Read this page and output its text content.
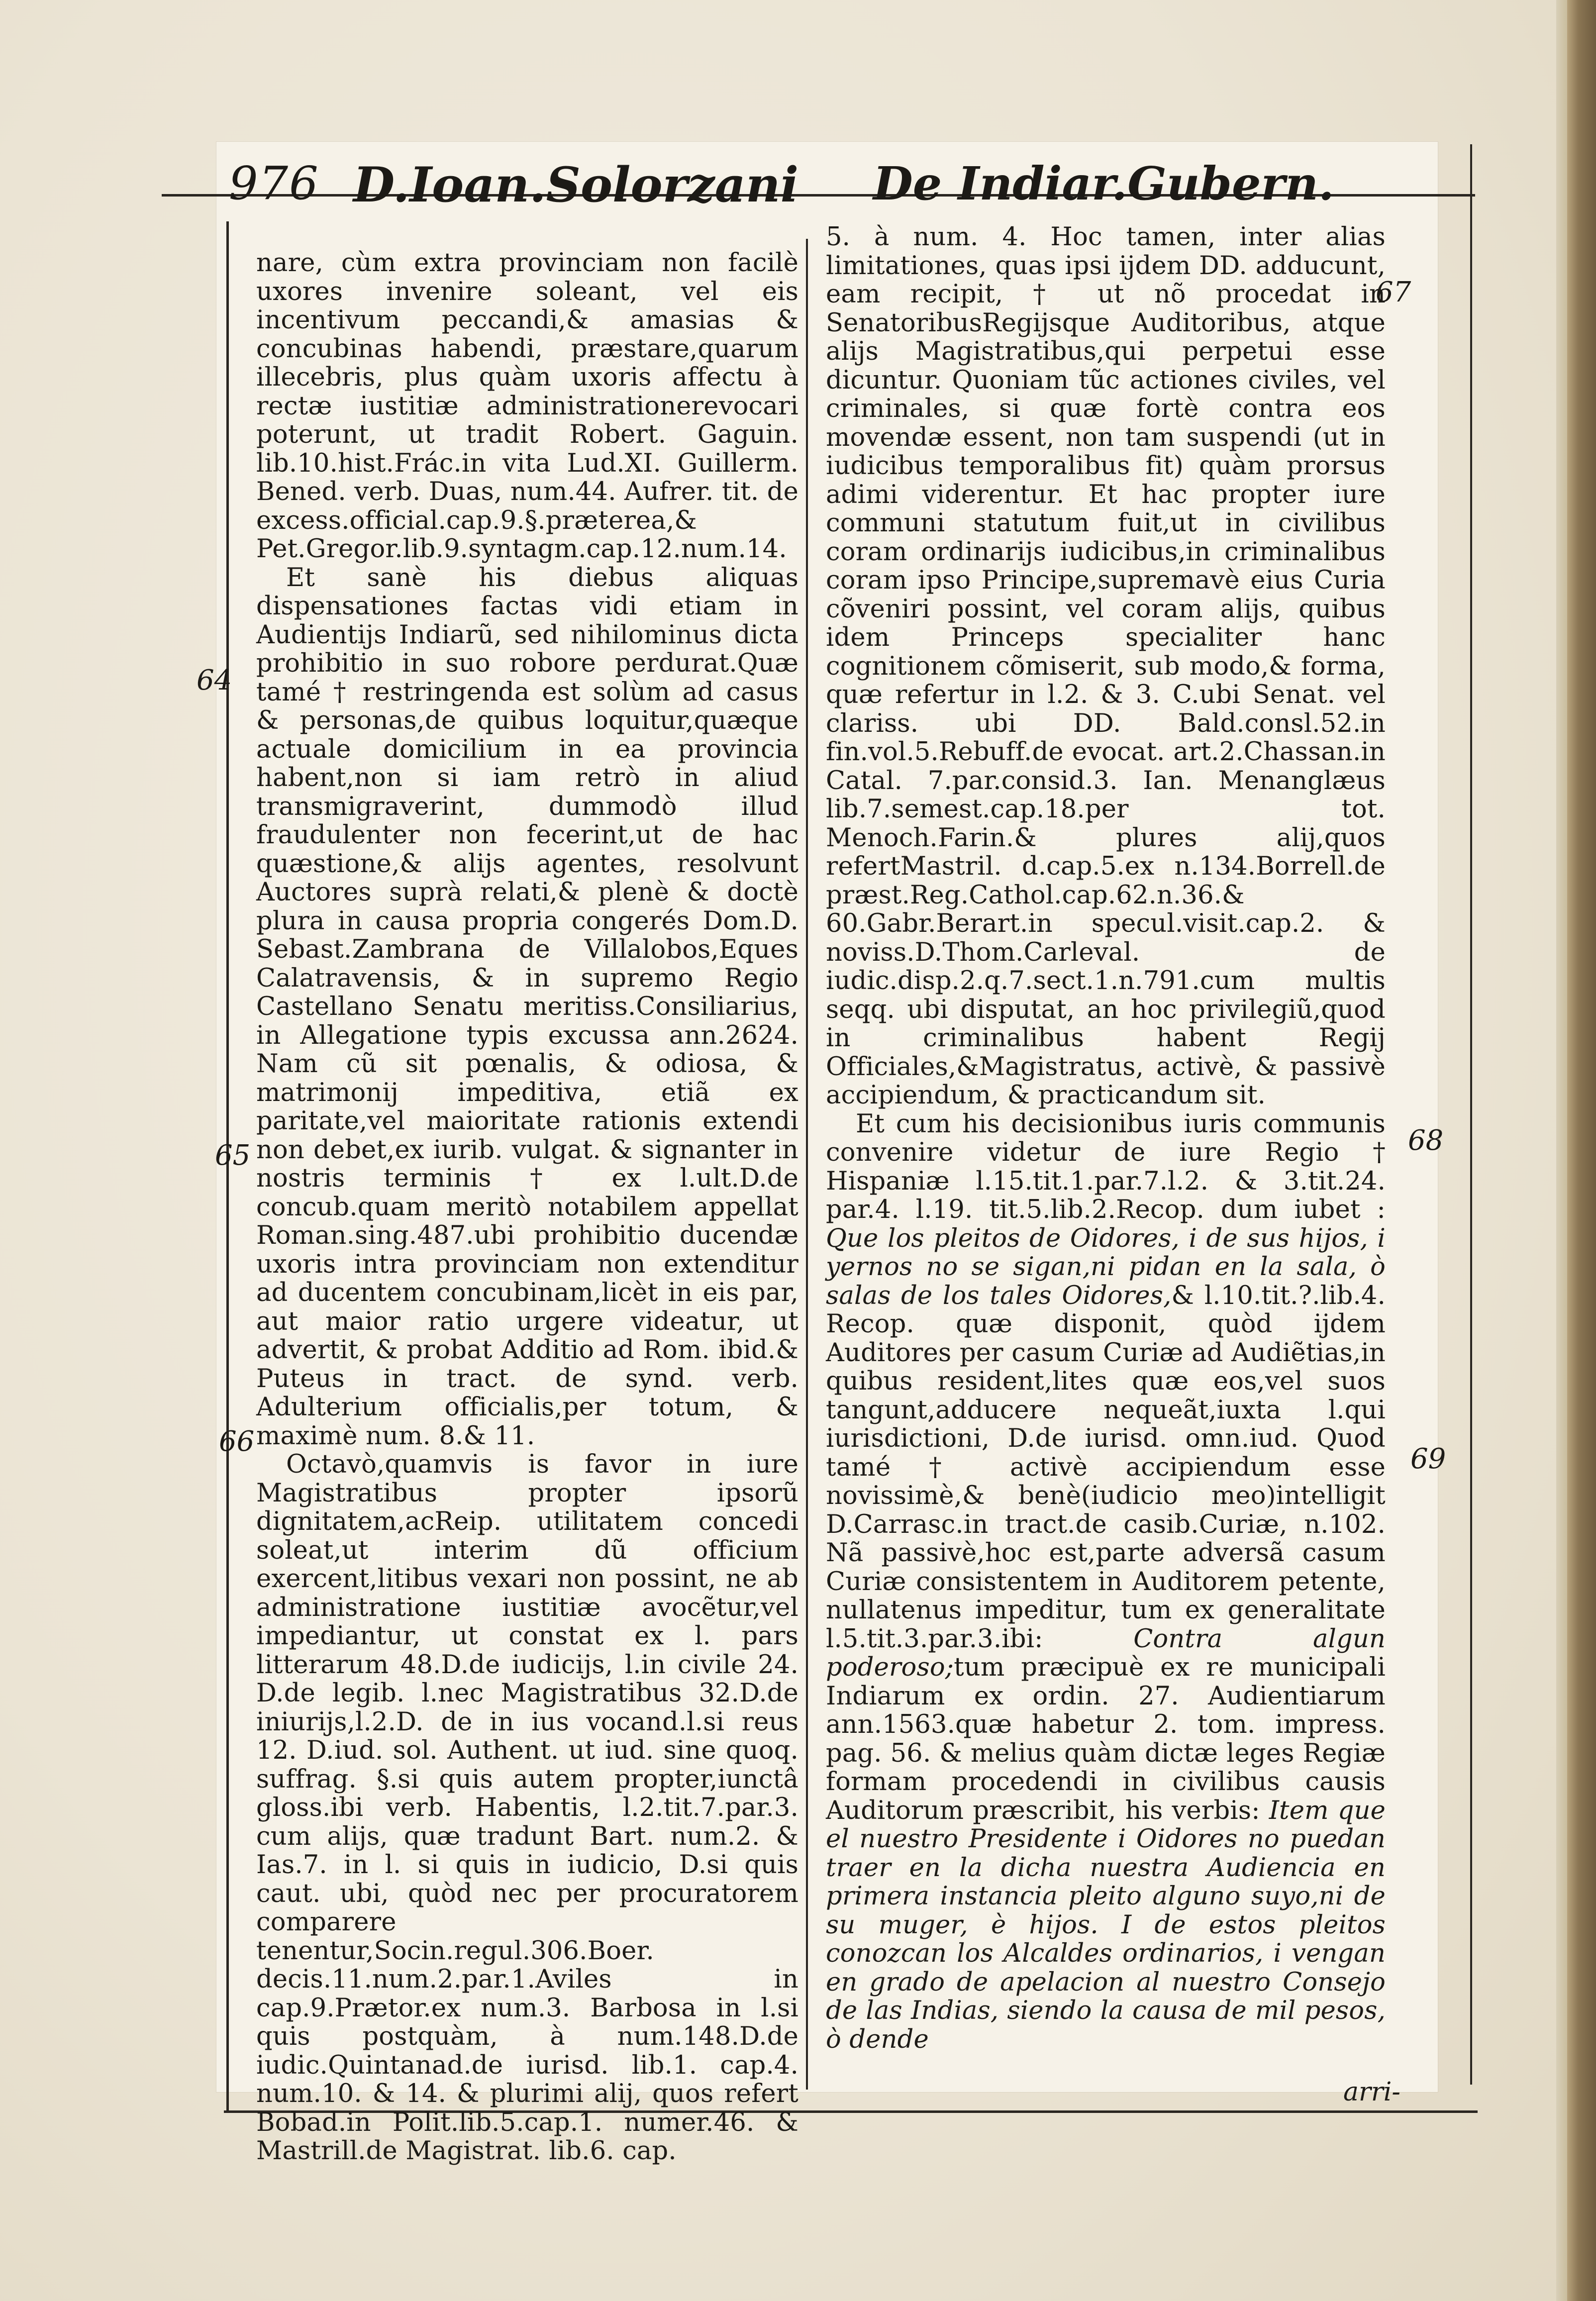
976 D.Ioan.Solorzani De Indiar.Gubern.

nare, cùm extra provinciam non facilè uxores invenire soleant, vel eis incentivum peccandi,& amasias & concubinas habendi, præstare,quarum illecebris, plus quàm uxoris affectu à rectæ iustitiæ administrationerevocari poterunt, ut tradit Robert. Gaguin. lib.10.hist.Frác.in vita Lud.XI. Guillerm. Bened. verb. Duas, num.44. Aufrer. tit. de excess.official.cap.9.§.præterea,& Pet.Gregor.lib.9.syntagm.cap.12.num.14.

Et sanè his diebus aliquas dispensationes factas vidi etiam in Audientijs Indiarũ, sed nihilominus dicta prohibitio in suo robore perdurat.Quæ tamé † restringenda est solùm ad casus & personas,de quibus loquitur,quæque actuale domicilium in ea provincia habent,non si iam retrò in aliud transmigraverint, dummodò illud fraudulenter non fecerint,ut de hac quæstione,& alijs agentes, resolvunt Auctores suprà relati,& plenè & doctè plura in causa propria congerés Dom.D. Sebast.Zambrana de Villalobos,Eques Calatravensis, & in supremo Regio Castellano Senatu meritiss.Consiliarius, in Allegatione typis excussa ann.2624. Nam cũ sit pœnalis, & odiosa, & matrimonij impeditiva, etiã ex paritate,vel maioritate rationis extendi non debet,ex iurib. vulgat. & signanter in nostris terminis † ex l.ult.D.de concub.quam meritò notabilem appellat Roman.sing.487.ubi prohibitio ducendæ uxoris intra provinciam non extenditur ad ducentem concubinam,licèt in eis par, aut maior ratio urgere videatur, ut advertit, & probat Additio ad Rom. ibid.& Puteus in tract. de synd. verb. Adulterium officialis,per totum, & maximè num. 8.& 11.

Octavò,quamvis is favor in iure Magistratibus propter ipsorũ dignitatem,acReip. utilitatem concedi soleat,ut interim dũ officium exercent,litibus vexari non possint, ne ab administratione iustitiæ avocẽtur,vel impediantur, ut constat ex l. pars litterarum 48.D.de iudicijs, l.in civile 24. D.de legib. l.nec Magistratibus 32.D.de iniurijs,l.2.D. de in ius vocand.l.si reus 12. D.iud. sol. Authent. ut iud. sine quoq. suffrag. §.si quis autem propter,iunctâ gloss.ibi verb. Habentis, l.2.tit.7.par.3. cum alijs, quæ tradunt Bart. num.2. & Ias.7. in l. si quis in iudicio, D.si quis caut. ubi, quòd nec per procuratorem comparere tenentur,Socin.regul.306.Boer. decis.11.num.2.par.1.Aviles in cap.9.Prætor.ex num.3. Barbosa in l.si quis postquàm, à num.148.D.de iudic.Quintanad.de iurisd. lib.1. cap.4. num.10. & 14. & plurimi alij, quos refert Bobad.in Polit.lib.5.cap.1. numer.46. & Mastrill.de Magistrat. lib.6. cap.

5. à num. 4. Hoc tamen, inter alias limitationes, quas ipsi ijdem DD. adducunt, eam recipit, † ut nõ procedat in SenatoribusRegijsque Auditoribus, atque alijs Magistratibus,qui perpetui esse dicuntur. Quoniam tũc actiones civiles, vel criminales, si quæ fortè contra eos movendæ essent, non tam suspendi (ut in iudicibus temporalibus fit) quàm prorsus adimi viderentur. Et hac propter iure communi statutum fuit,ut in civilibus coram ordinarijs iudicibus,in criminalibus coram ipso Principe,supremavè eius Curia cõveniri possint, vel coram alijs, quibus idem Princeps specialiter hanc cognitionem cõmiserit, sub modo,& forma, quæ refertur in l.2. & 3. C.ubi Senat. vel clariss. ubi DD. Bald.consl.52.in fin.vol.5.Rebuff.de evocat. art.2.Chassan.in Catal. 7.par.consid.3. Ian. Menanglæus lib.7.semest.cap.18.per tot. Menoch.Farin.& plures alij,quos refertMastril. d.cap.5.ex n.134.Borrell.de præst.Reg.Cathol.cap.62.n.36.& 60.Gabr.Berart.in specul.visit.cap.2. & noviss.D.Thom.Carleval. de iudic.disp.2.q.7.sect.1.n.791.cum multis seqq. ubi disputat, an hoc privilegiũ,quod in criminalibus habent Regij Officiales,&Magistratus, activè, & passivè accipiendum, & practicandum sit.

Et cum his decisionibus iuris communis convenire videtur de iure Regio † Hispaniæ l.15.tit.1.par.7.l.2. & 3.tit.24. par.4. l.19. tit.5.lib.2.Recop. dum iubet : Que los pleitos de Oidores, i de sus hijos, i yernos no se sigan,ni pidan en la sala, ò salas de los tales Oidores,& l.10.tit.?.lib.4. Recop. quæ disponit, quòd ijdem Auditores per casum Curiæ ad Audiẽtias,in quibus resident,lites quæ eos,vel suos tangunt,adducere nequeãt,iuxta l.qui iurisdictioni, D.de iurisd. omn.iud. Quod tamé † activè accipiendum esse novissimè,& benè(iudicio meo)intelligit D.Carrasc.in tract.de casib.Curiæ, n.102. Nã passivè,hoc est,parte adversã casum Curiæ consistentem in Auditorem petente, nullatenus impeditur, tum ex generalitate l.5.tit.3.par.3.ibi: Contra algun poderoso;tum præcipuè ex re municipali Indiarum ex ordin. 27. Audientiarum ann.1563.quæ habetur 2. tom. impress. pag. 56. & melius quàm dictæ leges Regiæ formam procedendi in civilibus causis Auditorum præscribit, his verbis: Item que el nuestro Presidente i Oidores no puedan traer en la dicha nuestra Audiencia en primera instancia pleito alguno suyo,ni de su muger, è hijos. I de estos pleitos conozcan los Alcaldes ordinarios, i vengan en grado de apelacion al nuestro Consejo de las Indias, siendo la causa de mil pesos, ò dende

64
65
66
67
68
69
arri-
